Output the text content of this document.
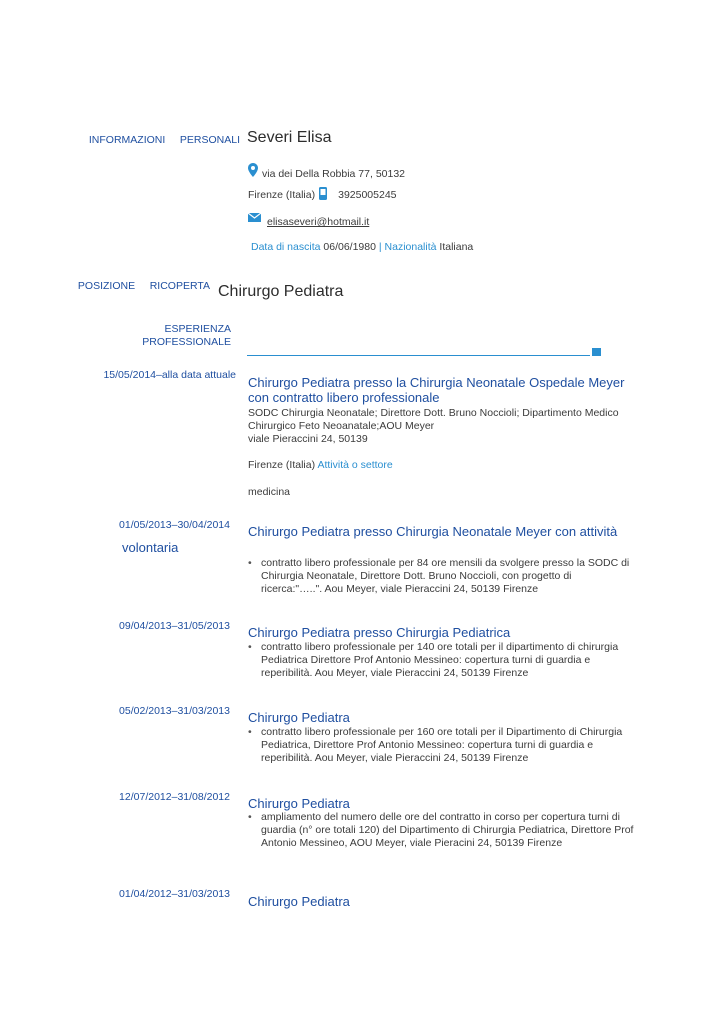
INFORMAZIONI PERSONALI Severi Elisa
via dei Della Robbia 77, 50132
Firenze (Italia) 3925005245
elisaseveri@hotmail.it
Data di nascita 06/06/1980 | Nazionalità Italiana
POSIZIONE RICOPERTA Chirurgo Pediatra
ESPERIENZA
PROFESSIONALE
15/05/2014–alla data attuale Chirurgo Pediatra presso la Chirurgia Neonatale Ospedale Meyer
con contratto libero professionale
SODC Chirurgia Neonatale; Direttore Dott. Bruno Noccioli; Dipartimento Medico
Chirurgico Feto Neoanatale;AOU Meyer
viale Pieraccini 24, 50139
Firenze (Italia) Attività o settore
medicina
01/05/2013–30/04/2014 Chirurgo Pediatra presso Chirurgia Neonatale Meyer con attività
volontaria
• contratto libero professionale per 84 ore mensili da svolgere presso la SODC di Chirurgia Neonatale, Direttore Dott. Bruno Noccioli, con progetto di ricerca:"…..". Aou Meyer, viale Pieraccini 24, 50139 Firenze
09/04/2013–31/05/2013 Chirurgo Pediatra presso Chirurgia Pediatrica
• contratto libero professionale per 140 ore totali per il dipartimento di chirurgia Pediatrica Direttore Prof Antonio Messineo: copertura turni di guardia e reperibilità. Aou Meyer, viale Pieraccini 24, 50139 Firenze
05/02/2013–31/03/2013 Chirurgo Pediatra
• contratto libero professionale per 160 ore totali per il Dipartimento di Chirurgia Pediatrica, Direttore Prof Antonio Messineo: copertura turni di guardia e reperibilità. Aou Meyer, viale Pieraccini 24, 50139 Firenze
12/07/2012–31/08/2012 Chirurgo Pediatra
• ampliamento del numero delle ore del contratto in corso per copertura turni di guardia (n° ore totali 120) del Dipartimento di Chirurgia Pediatrica, Direttore Prof Antonio Messineo, AOU Meyer, viale Pieracini 24, 50139 Firenze
01/04/2012–31/03/2013 Chirurgo Pediatra
